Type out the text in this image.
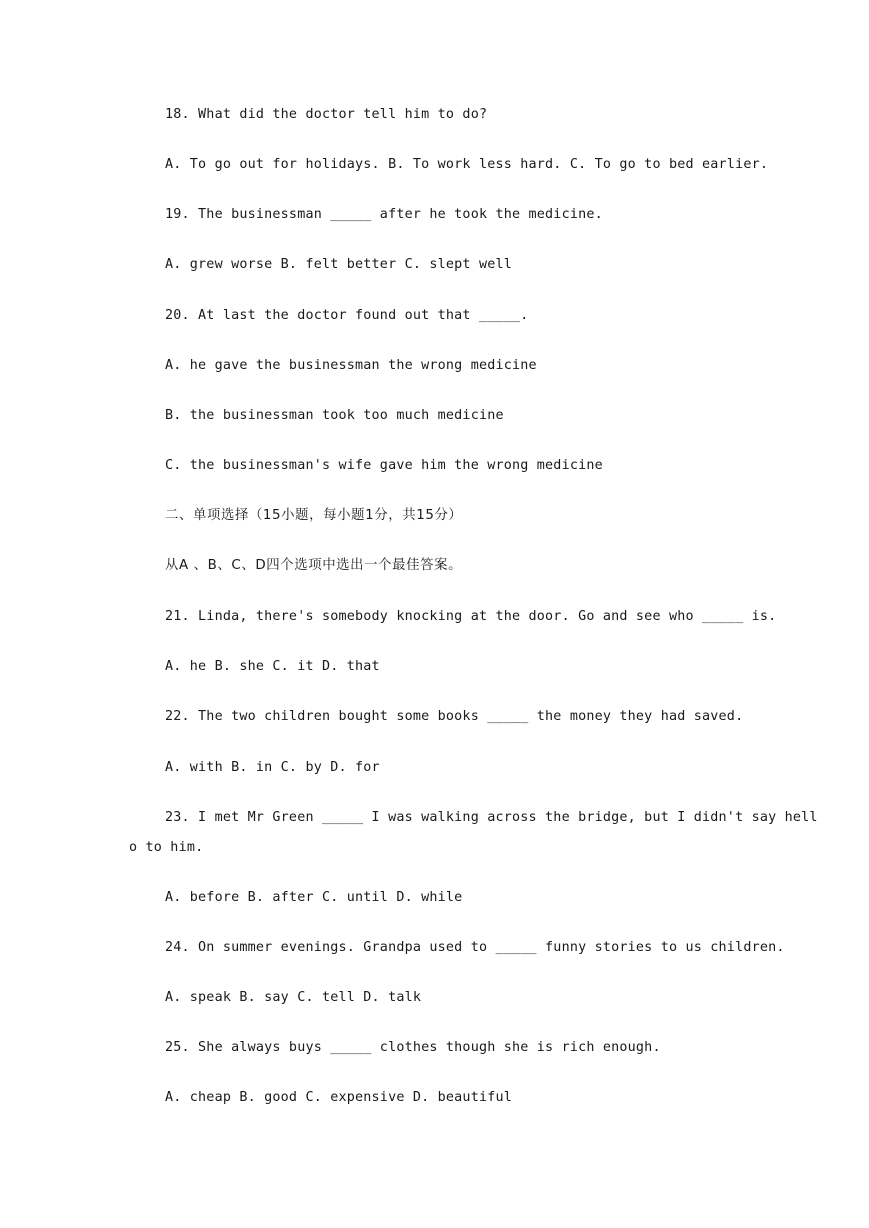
18. What did the doctor tell him to do?
A. To go out for holidays. B. To work less hard. C. To go to bed earlier.
19. The businessman _____ after he took the medicine.
A. grew worse B. felt better C. slept well
20. At last the doctor found out that _____.
A. he gave the businessman the wrong medicine
B. the businessman took too much medicine
C. the businessman's wife gave him the wrong medicine
二、单项选择（15小题，每小题1分，共15分）
从A 、B、C、D四个选项中选出一个最佳答案。
21. Linda, there's somebody knocking at the door. Go and see who _____ is.
A. he B. she C. it D. that
22. The two children bought some books _____ the money they had saved.
A. with B. in C. by D. for
23. I met Mr Green _____ I was walking across the bridge, but I didn't say hell
o to him.
A. before B. after C. until D. while
24. On summer evenings. Grandpa used to _____ funny stories to us children.
A. speak B. say C. tell D. talk
25. She always buys _____ clothes though she is rich enough.
A. cheap B. good C. expensive D. beautiful
